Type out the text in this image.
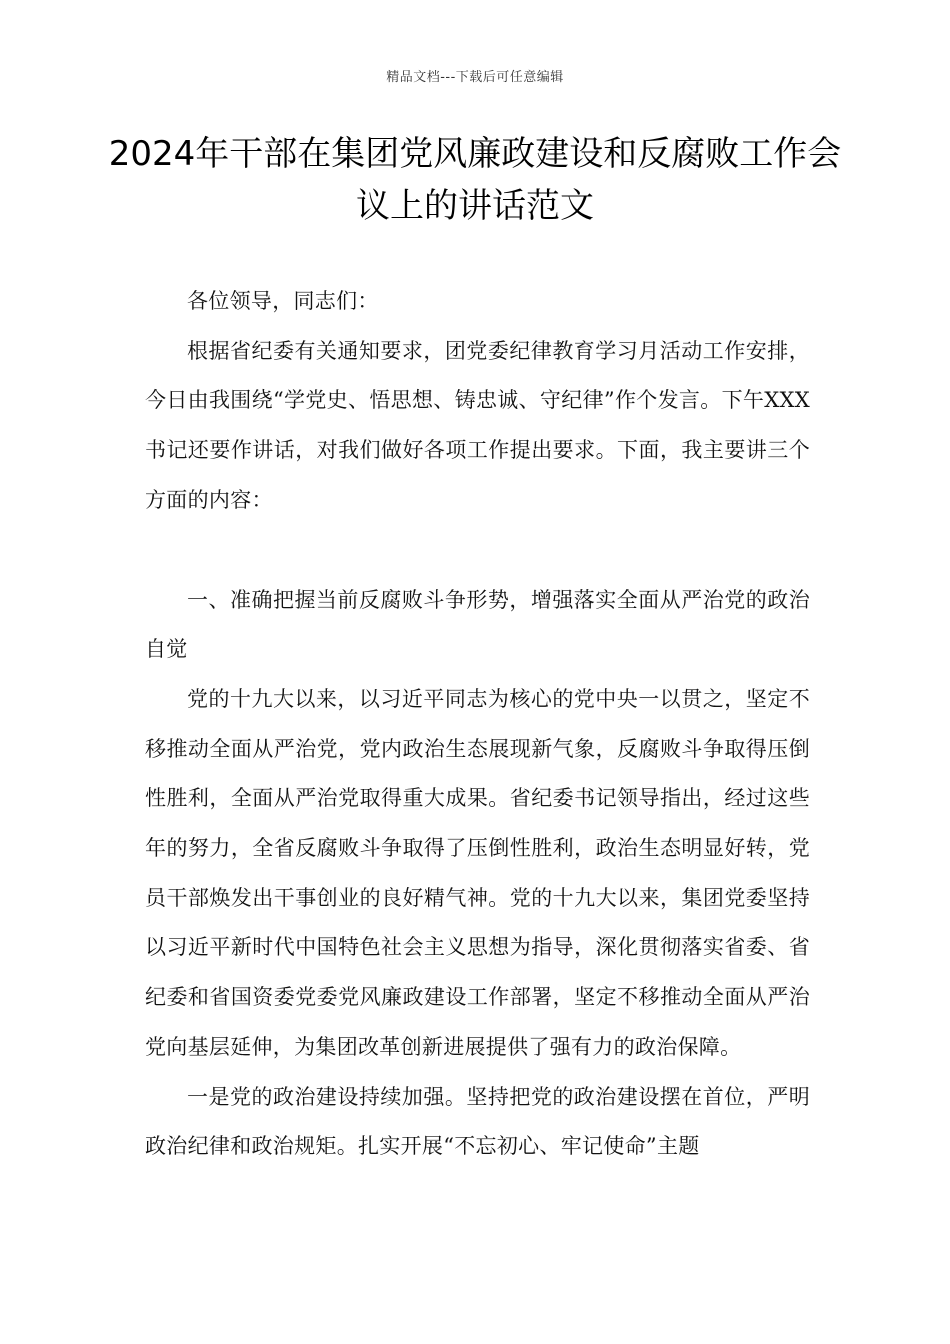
精品文档---下载后可任意编辑
2024年干部在集团党风廉政建设和反腐败工作会议上的讲话范文

各位领导，同志们：

根据省纪委有关通知要求，团党委纪律教育学习月活动工作安排，今日由我围绕“学党史、悟思想、铸忠诚、守纪律”作个发言。下午XXX书记还要作讲话，对我们做好各项工作提出要求。下面，我主要讲三个方面的内容：

一、准确把握当前反腐败斗争形势，增强落实全面从严治党的政治自觉

党的十九大以来，以习近平同志为核心的党中央一以贯之，坚定不移推动全面从严治党，党内政治生态展现新气象，反腐败斗争取得压倒性胜利，全面从严治党取得重大成果。省纪委书记领导指出，经过这些年的努力，全省反腐败斗争取得了压倒性胜利，政治生态明显好转，党员干部焕发出干事创业的良好精气神。党的十九大以来，集团党委坚持以习近平新时代中国特色社会主义思想为指导，深化贯彻落实省委、省纪委和省国资委党委党风廉政建设工作部署，坚定不移推动全面从严治党向基层延伸，为集团改革创新进展提供了强有力的政治保障。

一是党的政治建设持续加强。坚持把党的政治建设摆在首位，严明政治纪律和政治规矩。扎实开展“不忘初心、牢记使命”主题
